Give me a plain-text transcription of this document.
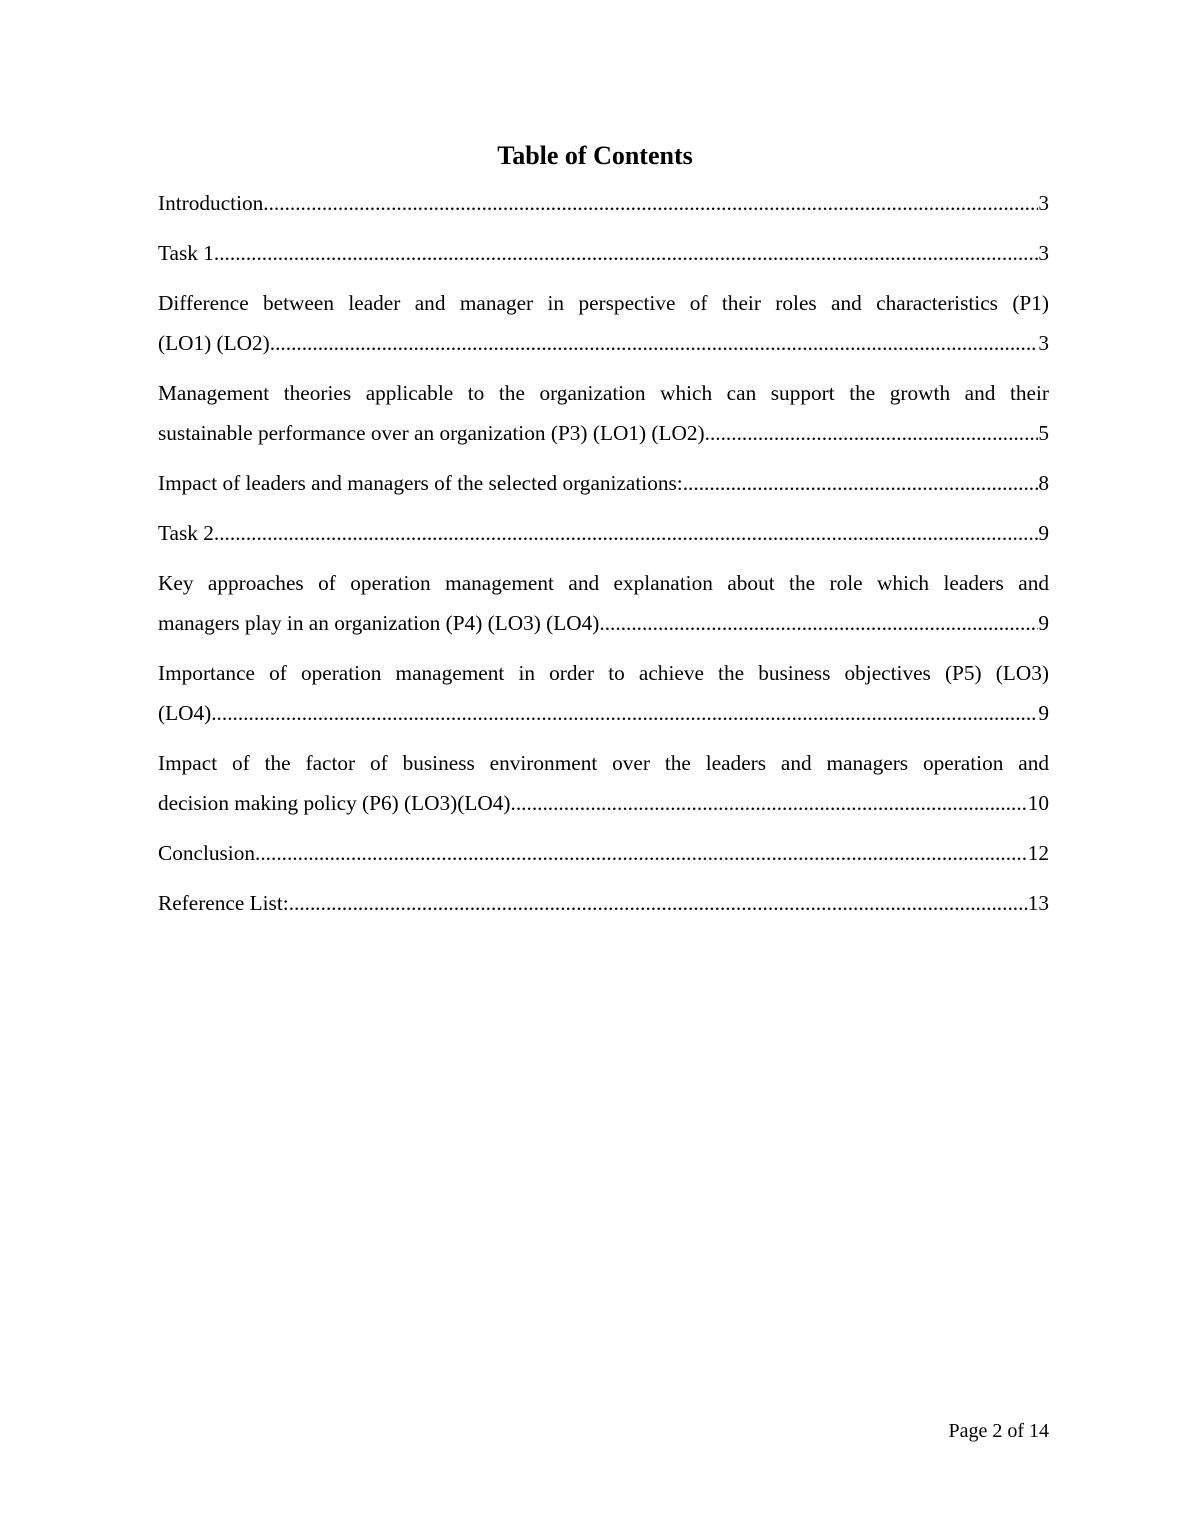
Table of Contents
Introduction .....	3
Task 1 .....	3
Difference between leader and manager in perspective of their roles and characteristics (P1)
(LO1) (LO2) .....	3
Management theories applicable to the organization which can support the growth and their
sustainable performance over an organization (P3) (LO1) (LO2) .....	5
Impact of leaders and managers of the selected organizations: .....	8
Task 2 .....	9
Key approaches of operation management and explanation about the role which leaders and
managers play in an organization (P4) (LO3) (LO4) .....	9
Importance of operation management in order to achieve the business objectives (P5) (LO3)
(LO4) .....	9
Impact of the factor of business environment over the leaders and managers operation and
decision making policy (P6) (LO3)(LO4) .....	10
Conclusion .....	12
Reference List: .....	13
Page 2 of 14
